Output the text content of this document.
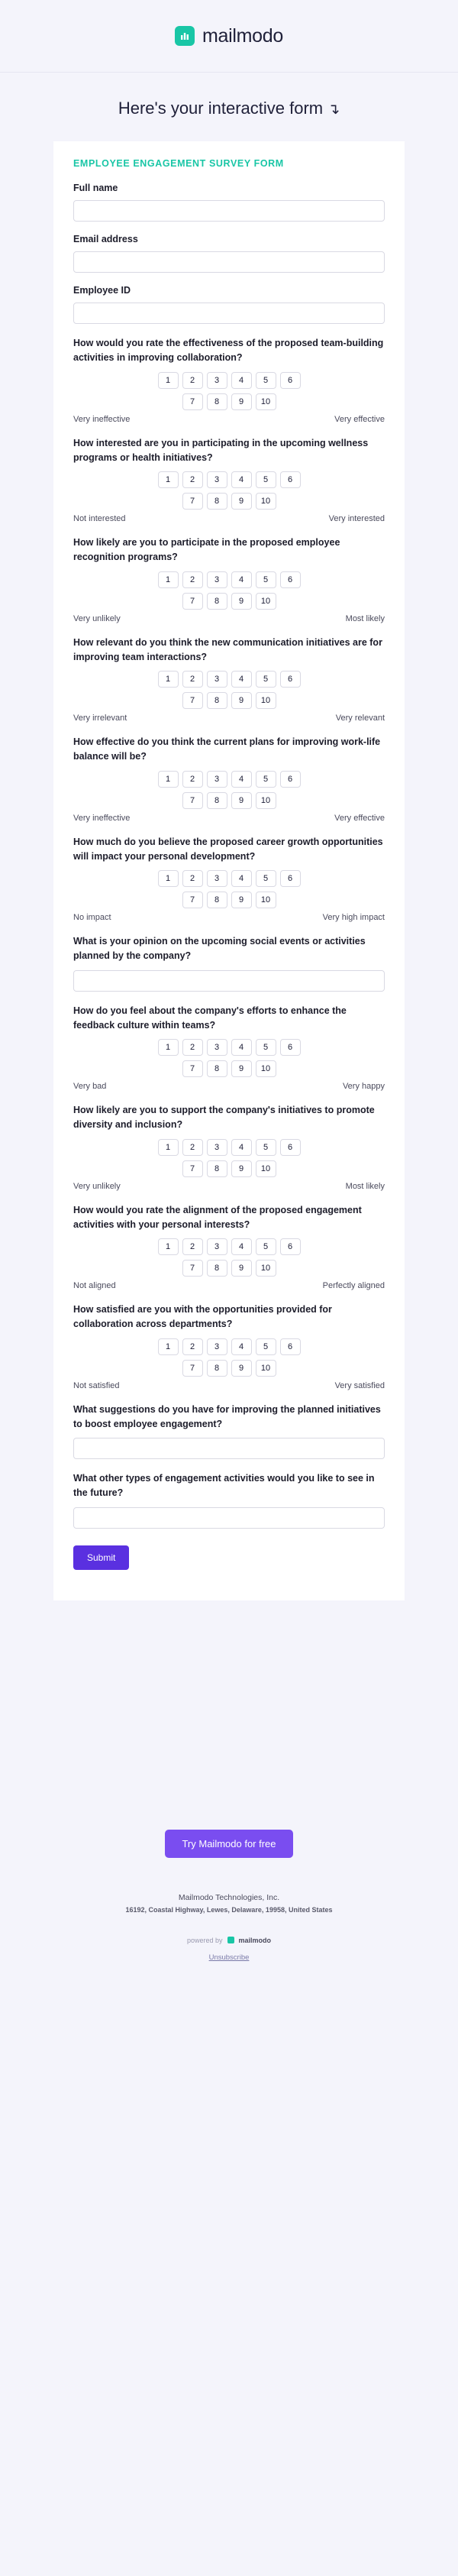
mailmodo
Here's your interactive form ↴
EMPLOYEE ENGAGEMENT SURVEY FORM
Full name
Email address
Employee ID
How would you rate the effectiveness of the proposed team-building activities in improving collaboration?
1	2	3	4	5	6
7	8	9	10
Very ineffective	Very effective
How interested are you in participating in the upcoming wellness programs or health initiatives?
1	2	3	4	5	6
7	8	9	10
Not interested	Very interested
How likely are you to participate in the proposed employee recognition programs?
1	2	3	4	5	6
7	8	9	10
Very unlikely	Most likely
How relevant do you think the new communication initiatives are for improving team interactions?
1	2	3	4	5	6
7	8	9	10
Very irrelevant	Very relevant
How effective do you think the current plans for improving work-life balance will be?
1	2	3	4	5	6
7	8	9	10
Very ineffective	Very effective
How much do you believe the proposed career growth opportunities will impact your personal development?
1	2	3	4	5	6
7	8	9	10
No impact	Very high impact
What is your opinion on the upcoming social events or activities planned by the company?
How do you feel about the company's efforts to enhance the feedback culture within teams?
1	2	3	4	5	6
7	8	9	10
Very bad	Very happy
How likely are you to support the company's initiatives to promote diversity and inclusion?
1	2	3	4	5	6
7	8	9	10
Very unlikely	Most likely
How would you rate the alignment of the proposed engagement activities with your personal interests?
1	2	3	4	5	6
7	8	9	10
Not aligned	Perfectly aligned
How satisfied are you with the opportunities provided for collaboration across departments?
1	2	3	4	5	6
7	8	9	10
Not satisfied	Very satisfied
What suggestions do you have for improving the planned initiatives to boost employee engagement?
What other types of engagement activities would you like to see in the future?
Submit
Try Mailmodo for free
Mailmodo Technologies, Inc.
16192, Coastal Highway, Lewes, Delaware, 19958, United States
powered by mailmodo
Unsubscribe
